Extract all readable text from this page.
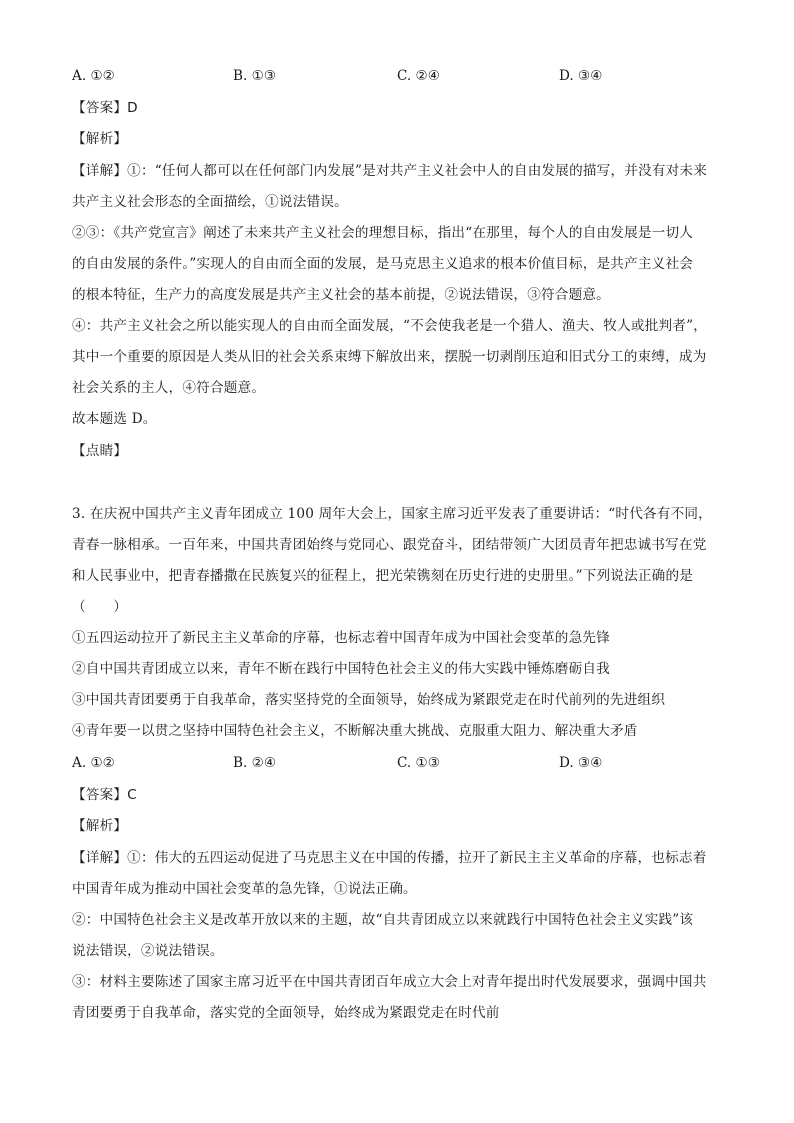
A. ①②	B. ①③	C. ②④	D. ③④
【答案】D
【解析】
【详解】①：“任何人都可以在任何部门内发展”是对共产主义社会中人的自由发展的描写，并没有对未来
共产主义社会形态的全面描绘，①说法错误。
②③：《共产党宣言》阐述了未来共产主义社会的理想目标，指出“在那里，每个人的自由发展是一切人
的自由发展的条件。”实现人的自由而全面的发展，是马克思主义追求的根本价值目标，是共产主义社会
的根本特征，生产力的高度发展是共产主义社会的基本前提，②说法错误，③符合题意。
④：共产主义社会之所以能实现人的自由而全面发展，“不会使我老是一个猎人、渔夫、牧人或批判者”，
其中一个重要的原因是人类从旧的社会关系束缚下解放出来，摆脱一切剥削压迫和旧式分工的束缚，成为
社会关系的主人，④符合题意。
故本题选 D。
【点睛】
3. 在庆祝中国共产主义青年团成立 100 周年大会上，国家主席习近平发表了重要讲话：“时代各有不同，
青春一脉相承。一百年来，中国共青团始终与党同心、跟党奋斗，团结带领广大团员青年把忠诚书写在党
和人民事业中，把青春播撒在民族复兴的征程上，把光荣镌刻在历史行进的史册里。”下列说法正确的是
（　　）
①五四运动拉开了新民主主义革命的序幕，也标志着中国青年成为中国社会变革的急先锋
②自中国共青团成立以来，青年不断在践行中国特色社会主义的伟大实践中锤炼磨砺自我
③中国共青团要勇于自我革命，落实坚持党的全面领导，始终成为紧跟党走在时代前列的先进组织
④青年要一以贯之坚持中国特色社会主义，不断解决重大挑战、克服重大阻力、解决重大矛盾
A. ①②	B. ②④	C. ①③	D. ③④
【答案】C
【解析】
【详解】①：伟大的五四运动促进了马克思主义在中国的传播，拉开了新民主主义革命的序幕，也标志着
中国青年成为推动中国社会变革的急先锋，①说法正确。
②：中国特色社会主义是改革开放以来的主题，故“自共青团成立以来就践行中国特色社会主义实践”该
说法错误，②说法错误。
③：材料主要陈述了国家主席习近平在中国共青团百年成立大会上对青年提出时代发展要求，强调中国共
青团要勇于自我革命，落实党的全面领导，始终成为紧跟党走在时代前
